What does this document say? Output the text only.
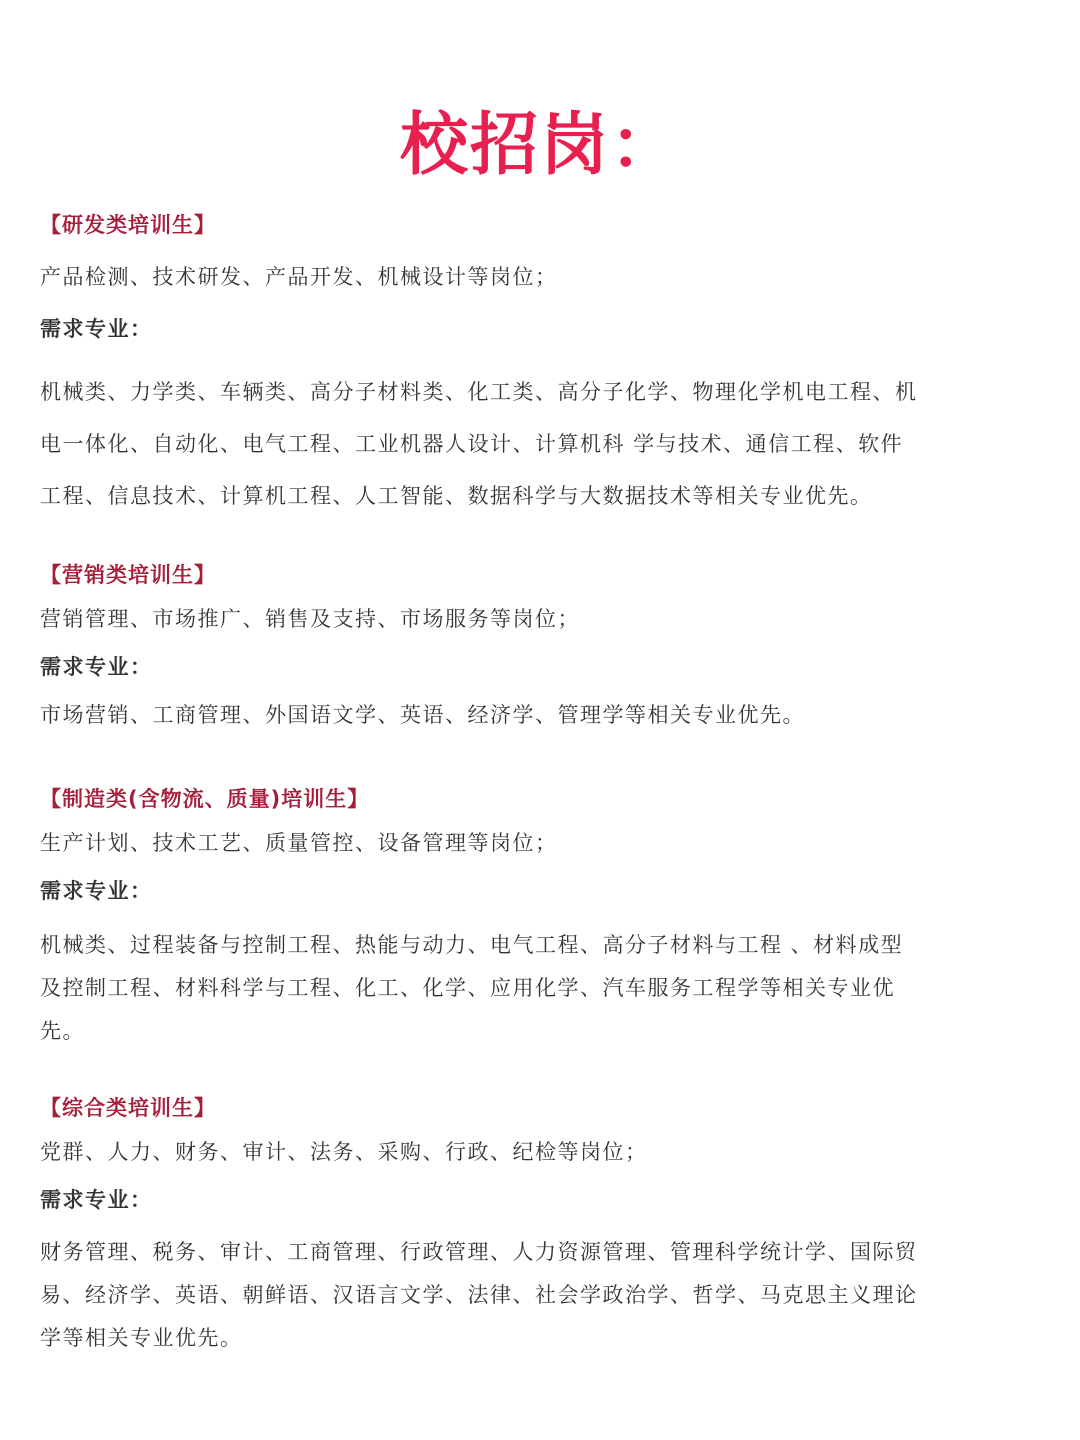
校招岗：
【研发类培训生】
产品检测、技术研发、产品开发、机械设计等岗位；
需求专业：
机械类、力学类、车辆类、高分子材料类、化工类、高分子化学、物理化学机电工程、机
电一体化、自动化、电气工程、工业机器人设计、计算机科 学与技术、通信工程、软件
工程、信息技术、计算机工程、人工智能、数据科学与大数据技术等相关专业优先。
【营销类培训生】
营销管理、市场推广、销售及支持、市场服务等岗位；
需求专业：
市场营销、工商管理、外国语文学、英语、经济学、管理学等相关专业优先。
【制造类(含物流、质量)培训生】
生产计划、技术工艺、质量管控、设备管理等岗位；
需求专业：
机械类、过程装备与控制工程、热能与动力、电气工程、高分子材料与工程 、材料成型
及控制工程、材料科学与工程、化工、化学、应用化学、汽车服务工程学等相关专业优
先。
【综合类培训生】
党群、人力、财务、审计、法务、采购、行政、纪检等岗位；
需求专业：
财务管理、税务、审计、工商管理、行政管理、人力资源管理、管理科学统计学、国际贸
易、经济学、英语、朝鲜语、汉语言文学、法律、社会学政治学、哲学、马克思主义理论
学等相关专业优先。
